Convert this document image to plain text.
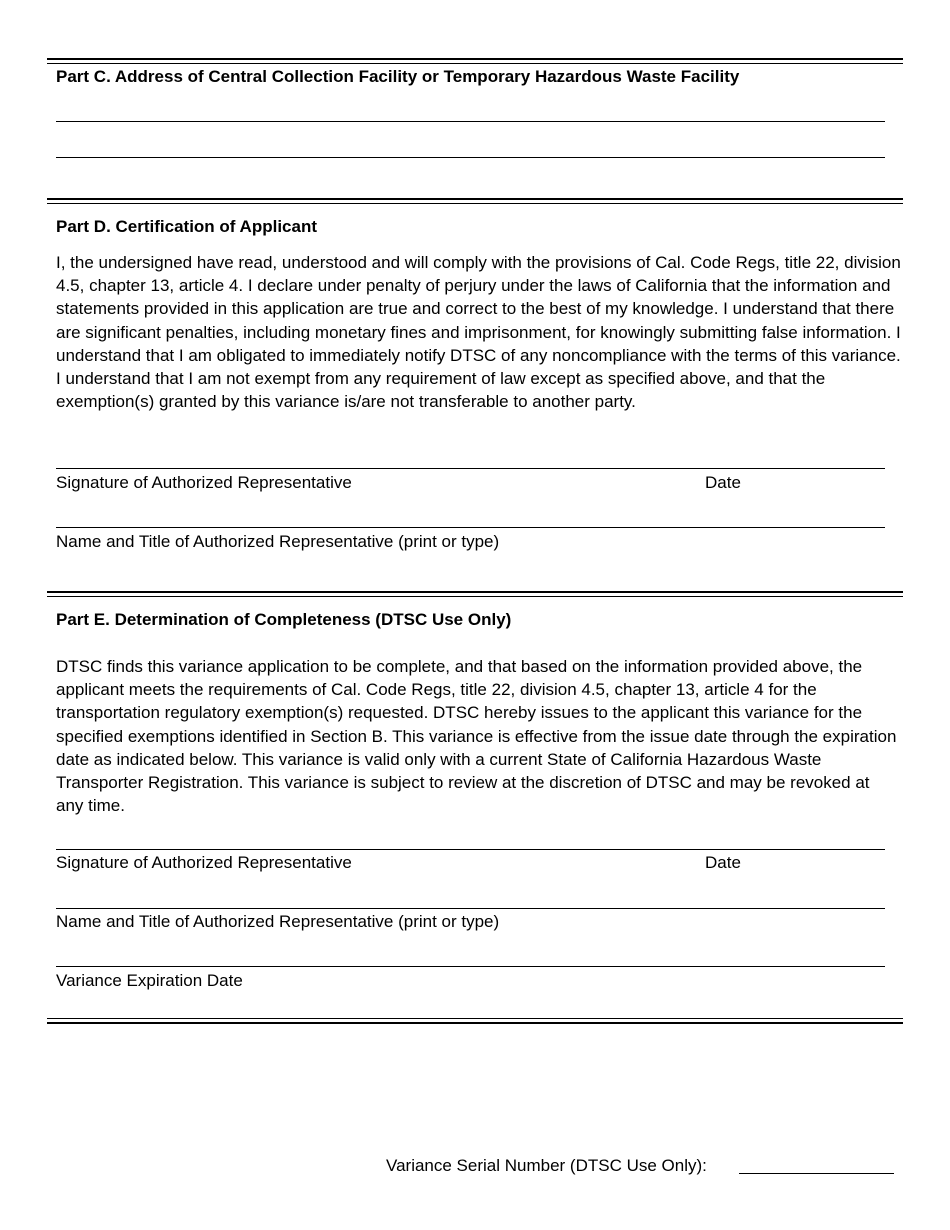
Part C. Address of Central Collection Facility or Temporary Hazardous Waste Facility
Part D. Certification of Applicant

I, the undersigned have read, understood and will comply with the provisions of Cal. Code Regs, title 22, division 4.5, chapter 13, article 4. I declare under penalty of perjury under the laws of California that the information and statements provided in this application are true and correct to the best of my knowledge. I understand that there are significant penalties, including monetary fines and imprisonment, for knowingly submitting false information. I understand that I am obligated to immediately notify DTSC of any noncompliance with the terms of this variance. I understand that I am not exempt from any requirement of law except as specified above, and that the exemption(s) granted by this variance is/are not transferable to another party.

Signature of Authorized Representative	Date
Name and Title of Authorized Representative (print or type)
Part E. Determination of Completeness (DTSC Use Only)

DTSC finds this variance application to be complete, and that based on the information provided above, the applicant meets the requirements of Cal. Code Regs, title 22, division 4.5, chapter 13, article 4 for the transportation regulatory exemption(s) requested. DTSC hereby issues to the applicant this variance for the specified exemptions identified in Section B. This variance is effective from the issue date through the expiration date as indicated below. This variance is valid only with a current State of California Hazardous Waste Transporter Registration. This variance is subject to review at the discretion of DTSC and may be revoked at any time.

Signature of Authorized Representative	Date
Name and Title of Authorized Representative (print or type)
Variance Expiration Date
Variance Serial Number (DTSC Use Only):
